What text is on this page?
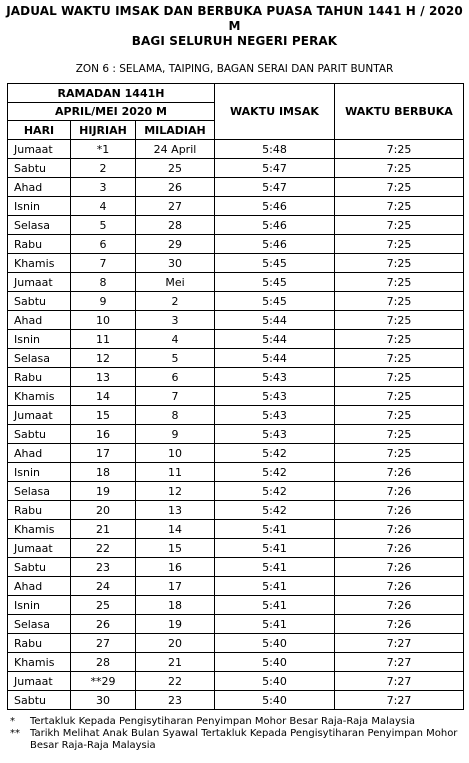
JADUAL WAKTU IMSAK DAN BERBUKA PUASA TAHUN 1441 H / 2020 M
BAGI SELURUH NEGERI PERAK
ZON 6 : SELAMA, TAIPING, BAGAN SERAI DAN PARIT BUNTAR
RAMADAN 1441H			WAKTU IMSAK	WAKTU BERBUKA
APRIL/MEI 2020 M				
HARI	HIJRIAH	MILADIAH		
Jumaat	*1	24 April	5:48	7:25
Sabtu	2	25	5:47	7:25
Ahad	3	26	5:47	7:25
Isnin	4	27	5:46	7:25
Selasa	5	28	5:46	7:25
Rabu	6	29	5:46	7:25
Khamis	7	30	5:45	7:25
Jumaat	8	Mei	5:45	7:25
Sabtu	9	2	5:45	7:25
Ahad	10	3	5:44	7:25
Isnin	11	4	5:44	7:25
Selasa	12	5	5:44	7:25
Rabu	13	6	5:43	7:25
Khamis	14	7	5:43	7:25
Jumaat	15	8	5:43	7:25
Sabtu	16	9	5:43	7:25
Ahad	17	10	5:42	7:25
Isnin	18	11	5:42	7:26
Selasa	19	12	5:42	7:26
Rabu	20	13	5:42	7:26
Khamis	21	14	5:41	7:26
Jumaat	22	15	5:41	7:26
Sabtu	23	16	5:41	7:26
Ahad	24	17	5:41	7:26
Isnin	25	18	5:41	7:26
Selasa	26	19	5:41	7:26
Rabu	27	20	5:40	7:27
Khamis	28	21	5:40	7:27
Jumaat	**29	22	5:40	7:27
Sabtu	30	23	5:40	7:27
*	Tertakluk Kepada Pengisytiharan Penyimpan Mohor Besar Raja-Raja Malaysia
**	Tarikh Melihat Anak Bulan Syawal Tertakluk Kepada Pengisytiharan Penyimpan Mohor Besar Raja-Raja Malaysia
